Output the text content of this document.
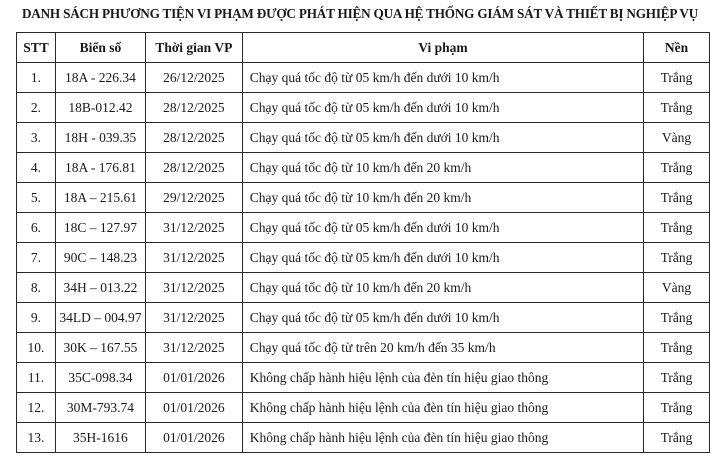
DANH SÁCH PHƯƠNG TIỆN VI PHẠM ĐƯỢC PHÁT HIỆN QUA HỆ THỐNG GIÁM SÁT VÀ THIẾT BỊ NGHIỆP VỤ
STT	Biển số	Thời gian VP	Vi phạm	Nền
1.	18A - 226.34	26/12/2025	Chạy quá tốc độ từ 05 km/h đến dưới 10 km/h	Trắng
2.	18B-012.42	28/12/2025	Chạy quá tốc độ từ 05 km/h đến dưới 10 km/h	Trắng
3.	18H - 039.35	28/12/2025	Chạy quá tốc độ từ 05 km/h đến dưới 10 km/h	Vàng
4.	18A - 176.81	28/12/2025	Chạy quá tốc độ từ 10 km/h đến 20 km/h	Trắng
5.	18A – 215.61	29/12/2025	Chạy quá tốc độ từ 10 km/h đến 20 km/h	Trắng
6.	18C – 127.97	31/12/2025	Chạy quá tốc độ từ 05 km/h đến dưới 10 km/h	Trắng
7.	90C – 148.23	31/12/2025	Chạy quá tốc độ từ 05 km/h đến dưới 10 km/h	Trắng
8.	34H – 013.22	31/12/2025	Chạy quá tốc độ từ 10 km/h đến 20 km/h	Vàng
9.	34LD – 004.97	31/12/2025	Chạy quá tốc độ từ 05 km/h đến dưới 10 km/h	Trắng
10.	30K – 167.55	31/12/2025	Chạy quá tốc độ từ trên 20 km/h đến 35 km/h	Trắng
11.	35C-098.34	01/01/2026	Không chấp hành hiệu lệnh của đèn tín hiệu giao thông	Trắng
12.	30M-793.74	01/01/2026	Không chấp hành hiệu lệnh của đèn tín hiệu giao thông	Trắng
13.	35H-1616	01/01/2026	Không chấp hành hiệu lệnh của đèn tín hiệu giao thông	Trắng
